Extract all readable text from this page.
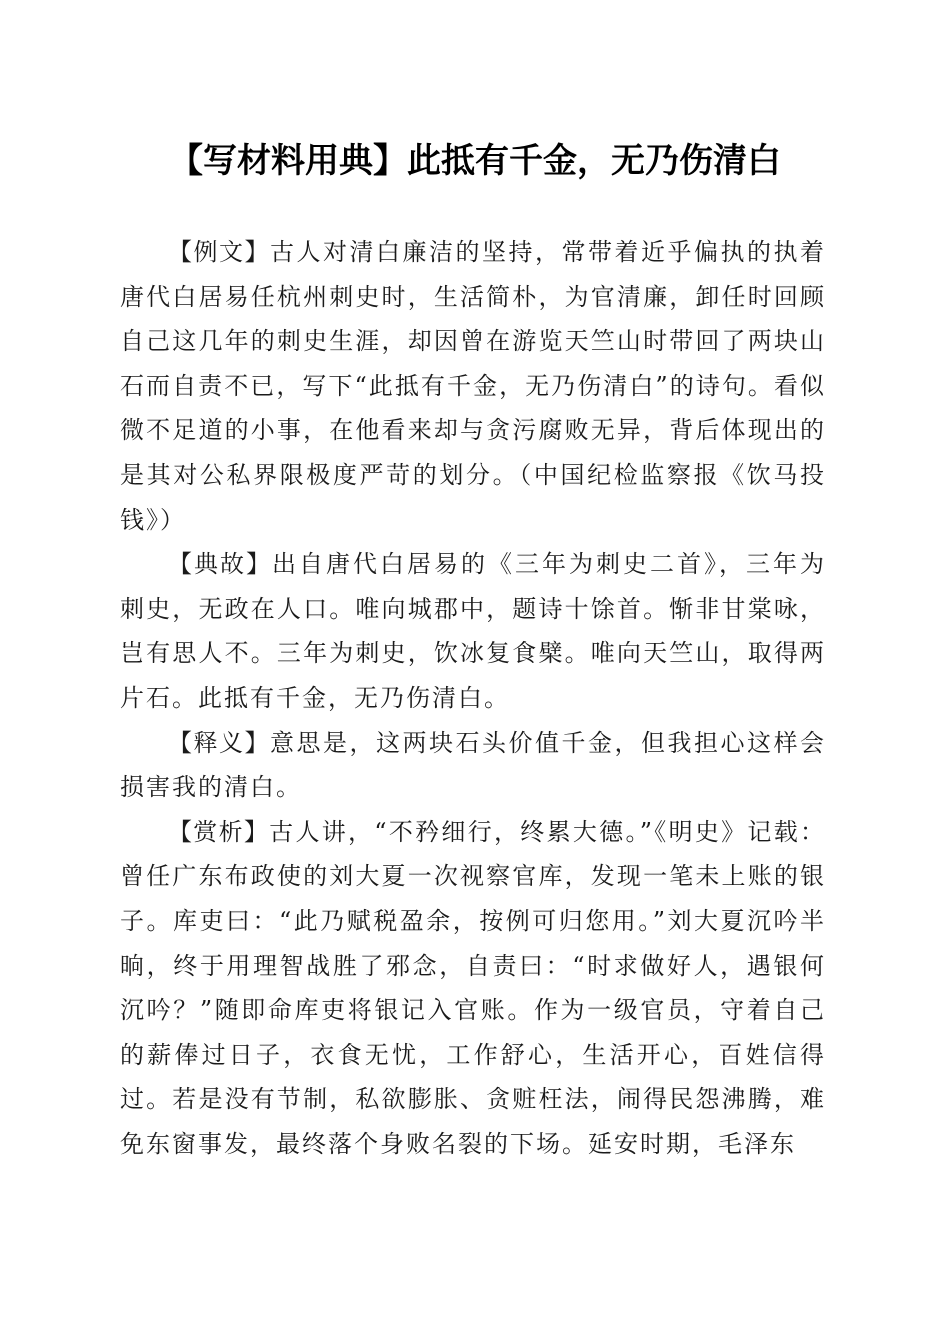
【写材料用典】此抵有千金，无乃伤清白

【例文】古人对清白廉洁的坚持，常带着近乎偏执的执着唐代白居易任杭州刺史时，生活简朴，为官清廉，卸任时回顾自己这几年的刺史生涯，却因曾在游览天竺山时带回了两块山石而自责不已，写下“此抵有千金，无乃伤清白”的诗句。看似微不足道的小事，在他看来却与贪污腐败无异，背后体现出的是其对公私界限极度严苛的划分。（中国纪检监察报《饮马投钱》）

【典故】出自唐代白居易的《三年为刺史二首》，三年为刺史，无政在人口。唯向城郡中，题诗十馀首。惭非甘棠咏，岂有思人不。三年为刺史，饮冰复食檗。唯向天竺山，取得两片石。此抵有千金，无乃伤清白。

【释义】意思是，这两块石头价值千金，但我担心这样会损害我的清白。

【赏析】古人讲，“不矜细行，终累大德。”《明史》记载：曾任广东布政使的刘大夏一次视察官库，发现一笔未上账的银子。库吏曰：“此乃赋税盈余，按例可归您用。”刘大夏沉吟半晌，终于用理智战胜了邪念，自责曰：“时求做好人，遇银何沉吟？”随即命库吏将银记入官账。作为一级官员，守着自己的薪俸过日子，衣食无忧，工作舒心，生活开心，百姓信得过。若是没有节制，私欲膨胀、贪赃枉法，闹得民怨沸腾，难免东窗事发，最终落个身败名裂的下场。延安时期，毛泽东
